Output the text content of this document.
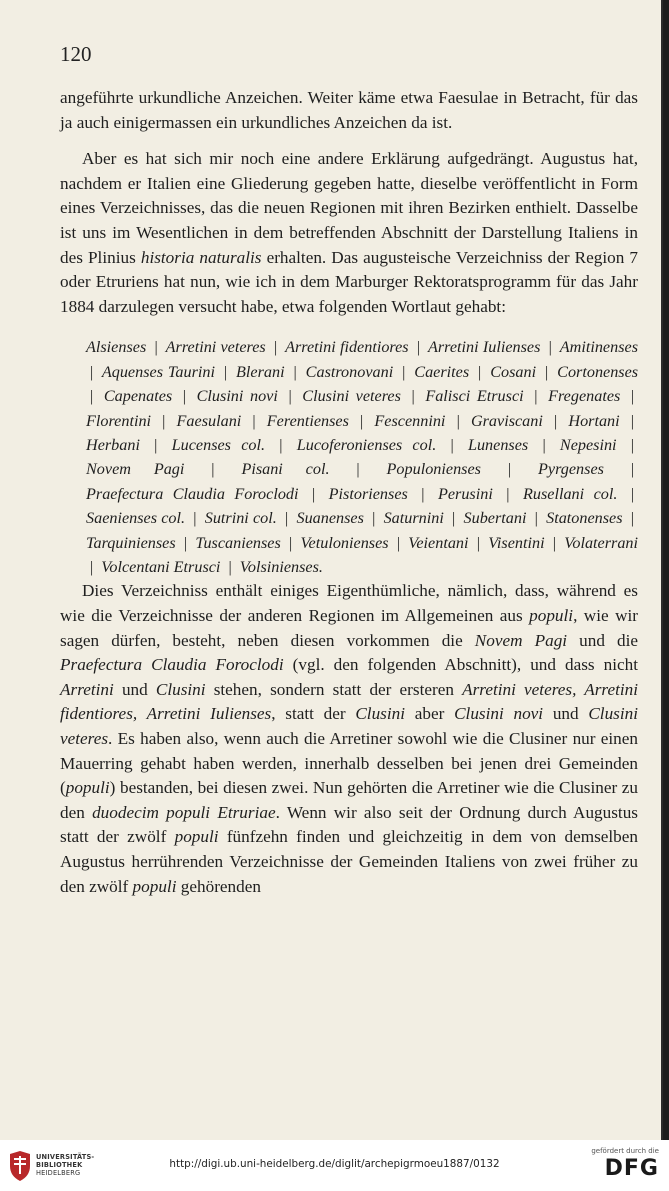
120

angeführte urkundliche Anzeichen. Weiter käme etwa Faesulae in Betracht, für das ja auch einigermassen ein urkundliches Anzeichen da ist.

Aber es hat sich mir noch eine andere Erklärung aufgedrängt. Augustus hat, nachdem er Italien eine Gliederung gegeben hatte, dieselbe veröffentlicht in Form eines Verzeichnisses, das die neuen Regionen mit ihren Bezirken enthielt. Dasselbe ist uns im Wesentlichen in dem betreffenden Abschnitt der Darstellung Italiens in des Plinius historia naturalis erhalten. Das augusteische Verzeichniss der Region 7 oder Etruriens hat nun, wie ich in dem Marburger Rektoratsprogramm für das Jahr 1884 darzulegen versucht habe, etwa folgenden Wortlaut gehabt:

Alsienses | Arretini veteres | Arretini fidentiores | Arretini Iulienses | Amitinenses | Aquenses Taurini | Blerani | Castronovani | Caerites | Cosani | Cortonenses | Capenates | Clusini novi | Clusini veteres | Falisci Etrusci | Fregenates | Florentini | Faesulani | Ferentienses | Fescennini | Graviscani | Hortani | Herbani | Lucenses col. | Lucoferonienses col. | Lunenses | Nepesini | Novem Pagi | Pisani col. | Populonienses | Pyrgenses | Praefectura Claudia Foroclodi | Pistorienses | Perusini | Rusellani col. | Saenienses col. | Sutrini col. | Suanenses | Saturnini | Subertani | Statonenses | Tarquinienses | Tuscanienses | Vetulonienses | Veientani | Visentini | Volaterrani | Volcentani Etrusci | Volsinienses.

Dies Verzeichniss enthält einiges Eigenthümliche, nämlich, dass, während es wie die Verzeichnisse der anderen Regionen im Allgemeinen aus populi, wie wir sagen dürfen, besteht, neben diesen vorkommen die Novem Pagi und die Praefectura Claudia Foroclodi (vgl. den folgenden Abschnitt), und dass nicht Arretini und Clusini stehen, sondern statt der ersteren Arretini veteres, Arretini fidentiores, Arretini Iulienses, statt der Clusini aber Clusini novi und Clusini veteres. Es haben also, wenn auch die Arretiner sowohl wie die Clusiner nur einen Mauerring gehabt haben werden, innerhalb desselben bei jenen drei Gemeinden (populi) bestanden, bei diesen zwei. Nun gehörten die Arretiner wie die Clusiner zu den duodecim populi Etruriae. Wenn wir also seit der Ordnung durch Augustus statt der zwölf populi fünfzehn finden und gleichzeitig in dem von demselben Augustus herrührenden Verzeichnisse der Gemeinden Italiens von zwei früher zu den zwölf populi gehörenden

UNIVERSITÄTS-
BIBLIOTHEK
HEIDELBERG
http://digi.ub.uni-heidelberg.de/diglit/archepigrmoeu1887/0132
gefördert durch die
DFG
